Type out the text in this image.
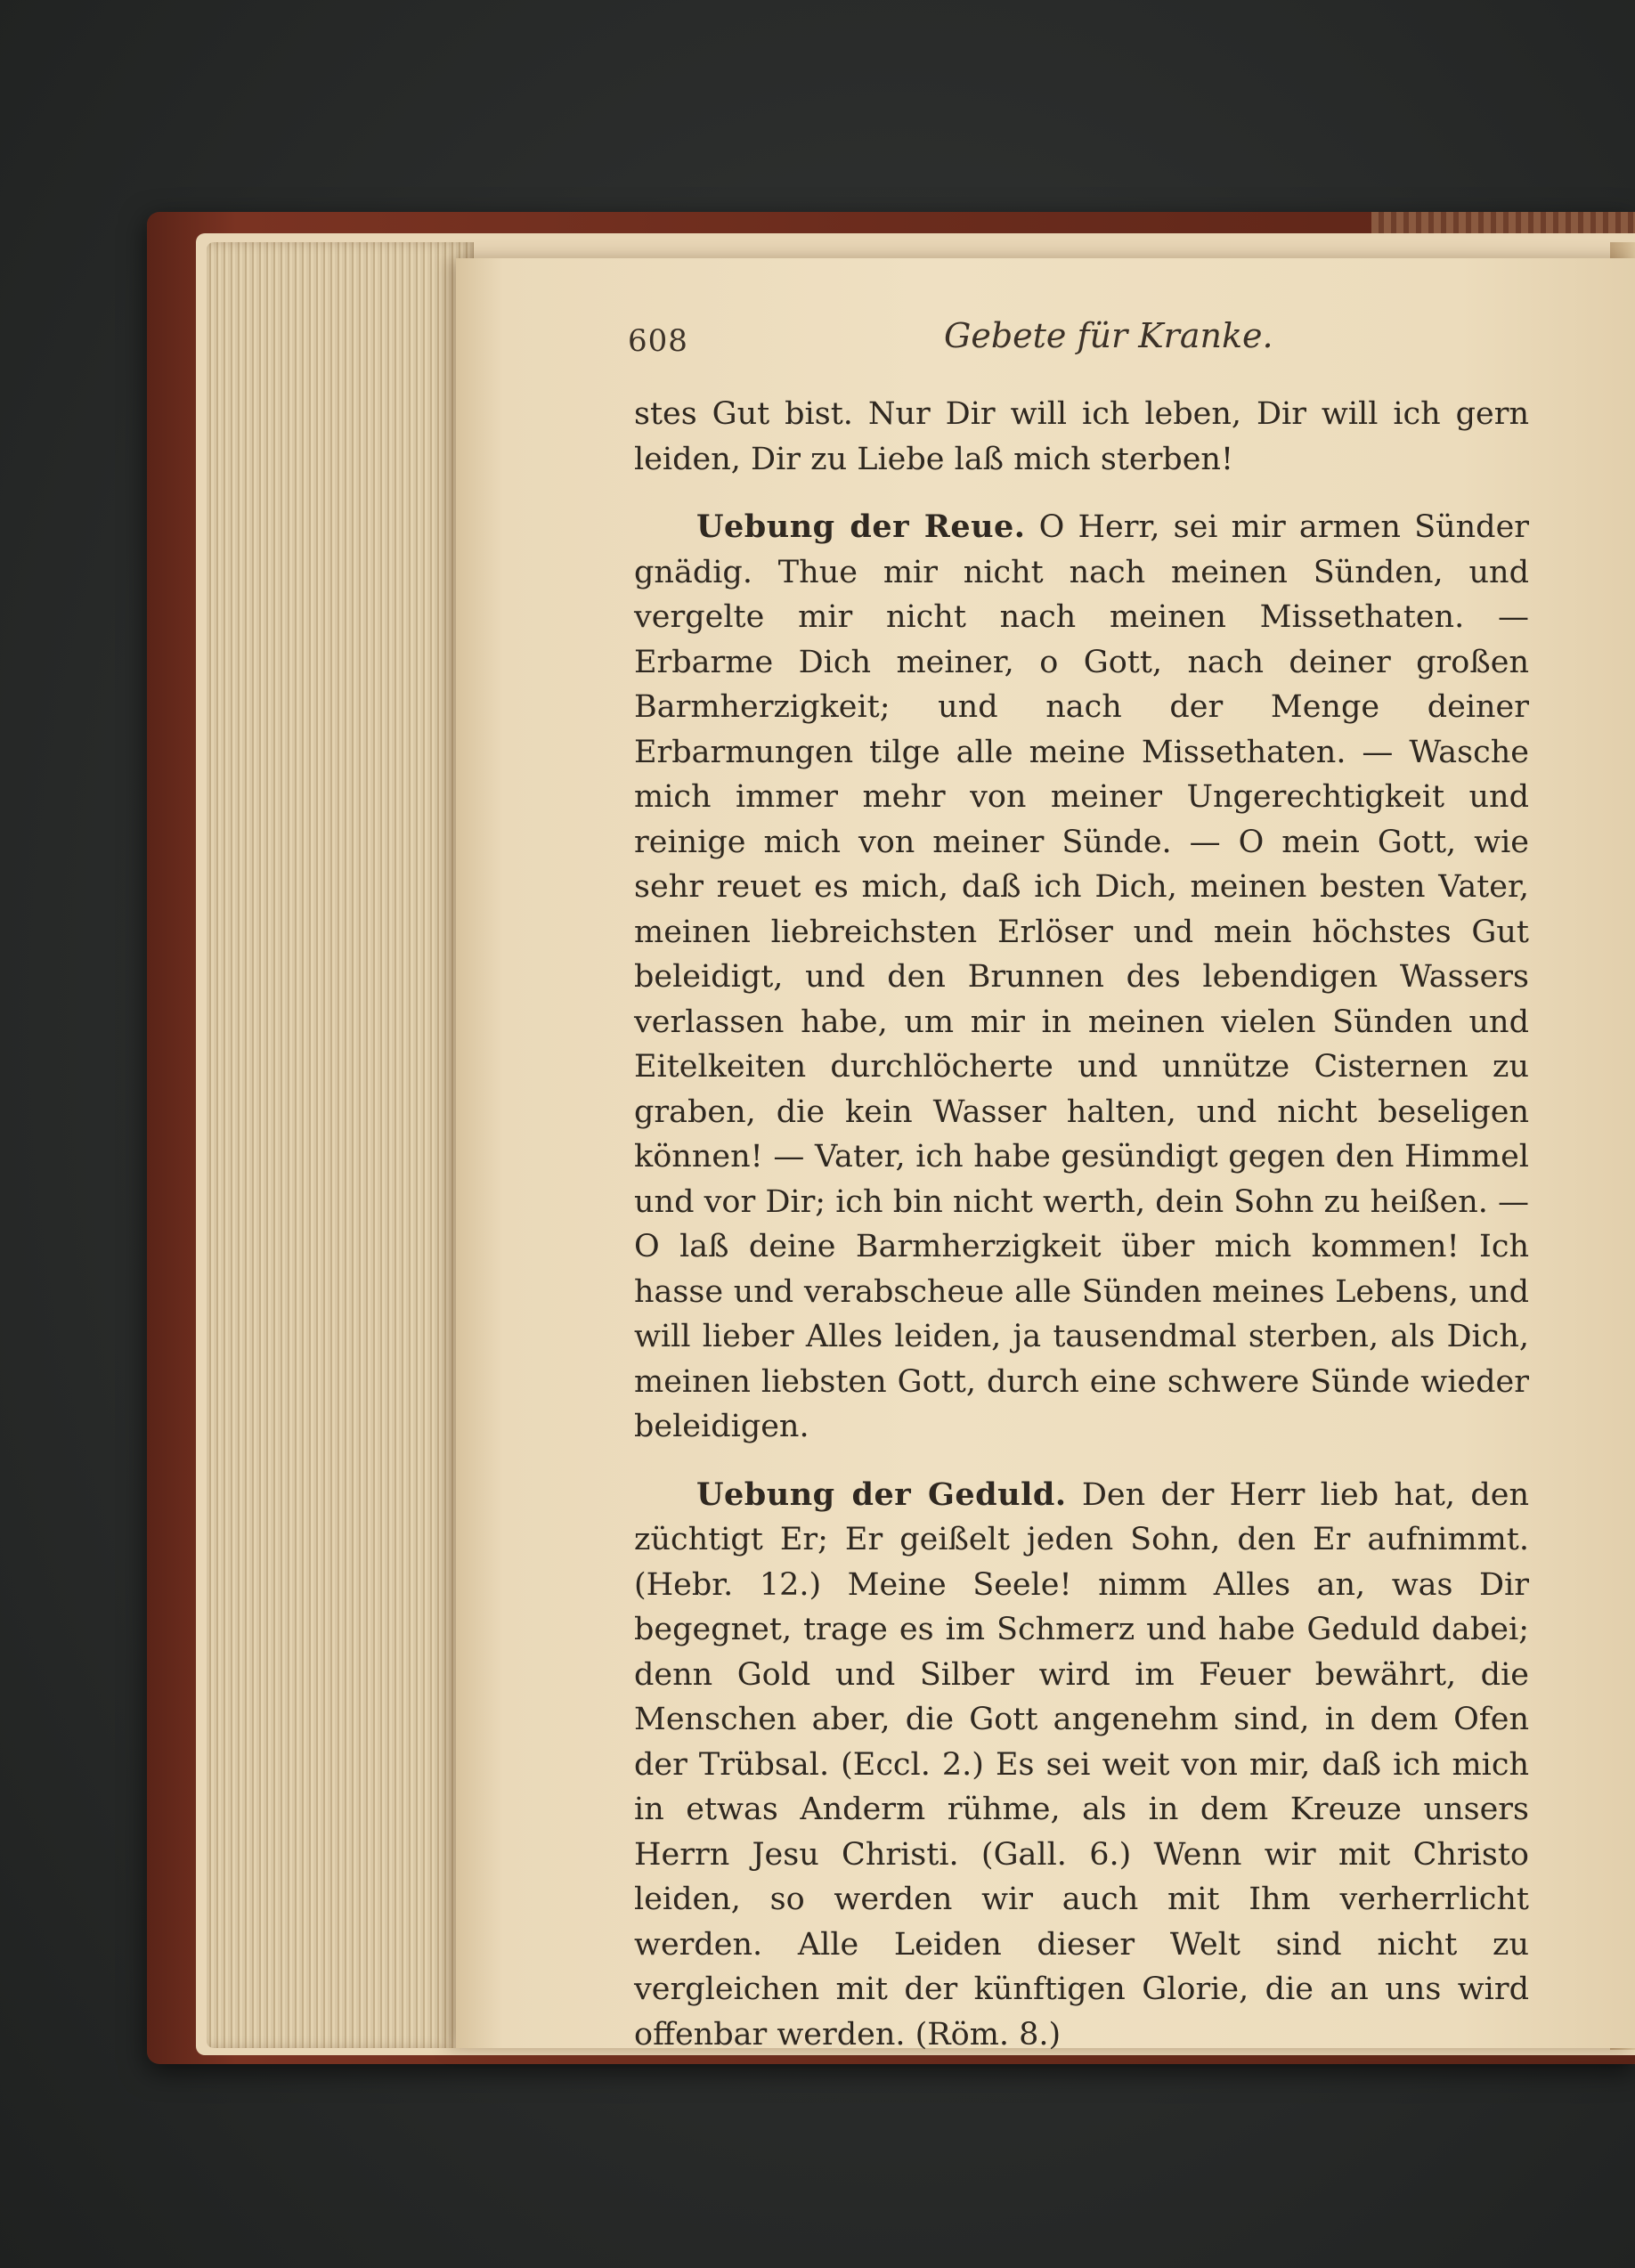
608	Gebete für Kranke.

stes Gut bist. Nur Dir will ich leben, Dir will ich gern leiden, Dir zu Liebe laß mich sterben!

Uebung der Reue. O Herr, sei mir armen Sünder gnädig. Thue mir nicht nach meinen Sünden, und vergelte mir nicht nach meinen Missethaten. — Erbarme Dich meiner, o Gott, nach deiner großen Barmherzigkeit; und nach der Menge deiner Erbarmungen tilge alle meine Missethaten. — Wasche mich immer mehr von meiner Ungerechtigkeit und reinige mich von meiner Sünde. — O mein Gott, wie sehr reuet es mich, daß ich Dich, meinen besten Vater, meinen liebreichsten Erlöser und mein höchstes Gut beleidigt, und den Brunnen des lebendigen Wassers verlassen habe, um mir in meinen vielen Sünden und Eitelkeiten durchlöcherte und unnütze Cisternen zu graben, die kein Wasser halten, und nicht beseligen können! — Vater, ich habe gesündigt gegen den Himmel und vor Dir; ich bin nicht werth, dein Sohn zu heißen. — O laß deine Barmherzigkeit über mich kommen! Ich hasse und verabscheue alle Sünden meines Lebens, und will lieber Alles leiden, ja tausendmal sterben, als Dich, meinen liebsten Gott, durch eine schwere Sünde wieder beleidigen.

Uebung der Geduld. Den der Herr lieb hat, den züchtigt Er; Er geißelt jeden Sohn, den Er aufnimmt. (Hebr. 12.) Meine Seele! nimm Alles an, was Dir begegnet, trage es im Schmerz und habe Geduld dabei; denn Gold und Silber wird im Feuer bewährt, die Menschen aber, die Gott angenehm sind, in dem Ofen der Trübsal. (Eccl. 2.) Es sei weit von mir, daß ich mich in etwas Anderm rühme, als in dem Kreuze unsers Herrn Jesu Christi. (Gall. 6.) Wenn wir mit Christo leiden, so werden wir auch mit Ihm verherrlicht werden. Alle Leiden dieser Welt sind nicht zu vergleichen mit der künftigen Glorie, die an uns wird offenbar werden. (Röm. 8.)
